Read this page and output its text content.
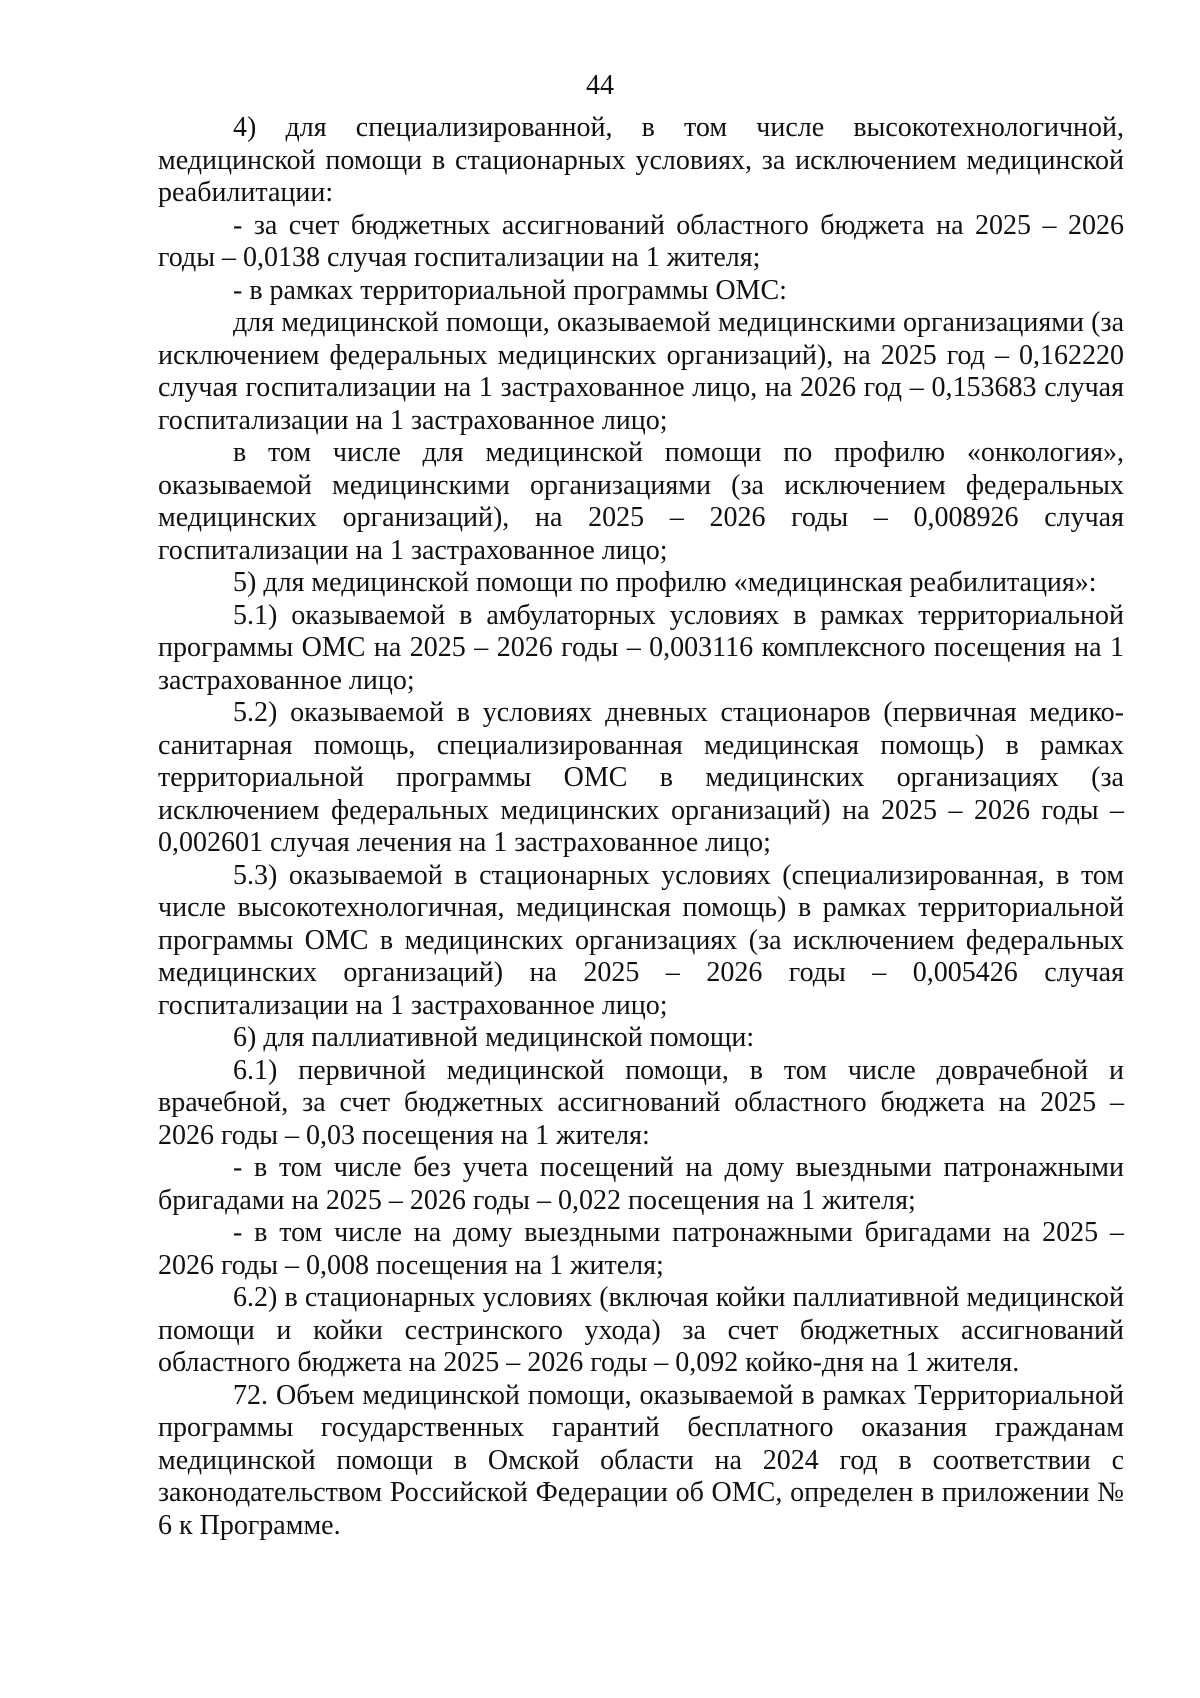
44

4) для специализированной, в том числе высокотехнологичной, медицинской помощи в стационарных условиях, за исключением медицинской реабилитации:

- за счет бюджетных ассигнований областного бюджета на 2025 – 2026 годы – 0,0138 случая госпитализации на 1 жителя;

- в рамках территориальной программы ОМС:

для медицинской помощи, оказываемой медицинскими организациями (за исключением федеральных медицинских организаций), на 2025 год – 0,162220 случая госпитализации на 1 застрахованное лицо, на 2026 год – 0,153683 случая госпитализации на 1 застрахованное лицо;

в том числе для медицинской помощи по профилю «онкология», оказываемой медицинскими организациями (за исключением федеральных медицинских организаций), на 2025 – 2026 годы – 0,008926 случая госпитализации на 1 застрахованное лицо;

5) для медицинской помощи по профилю «медицинская реабилитация»:

5.1) оказываемой в амбулаторных условиях в рамках территориальной программы ОМС на 2025 – 2026 годы – 0,003116 комплексного посещения на 1 застрахованное лицо;

5.2) оказываемой в условиях дневных стационаров (первичная медико-санитарная помощь, специализированная медицинская помощь) в рамках территориальной программы ОМС в медицинских организациях (за исключением федеральных медицинских организаций) на 2025 – 2026 годы – 0,002601 случая лечения на 1 застрахованное лицо;

5.3) оказываемой в стационарных условиях (специализированная, в том числе высокотехнологичная, медицинская помощь) в рамках территориальной программы ОМС в медицинских организациях (за исключением федеральных медицинских организаций) на 2025 – 2026 годы – 0,005426 случая госпитализации на 1 застрахованное лицо;

6) для паллиативной медицинской помощи:

6.1) первичной медицинской помощи, в том числе доврачебной и врачебной, за счет бюджетных ассигнований областного бюджета на 2025 – 2026 годы – 0,03 посещения на 1 жителя:

- в том числе без учета посещений на дому выездными патронажными бригадами на 2025 – 2026 годы – 0,022 посещения на 1 жителя;

- в том числе на дому выездными патронажными бригадами на 2025 – 2026 годы – 0,008 посещения на 1 жителя;

6.2) в стационарных условиях (включая койки паллиативной медицинской помощи и койки сестринского ухода) за счет бюджетных ассигнований областного бюджета на 2025 – 2026 годы – 0,092 койко-дня на 1 жителя.

72. Объем медицинской помощи, оказываемой в рамках Территориальной программы государственных гарантий бесплатного оказания гражданам медицинской помощи в Омской области на 2024 год в соответствии с законодательством Российской Федерации об ОМС, определен в приложении № 6 к Программе.
